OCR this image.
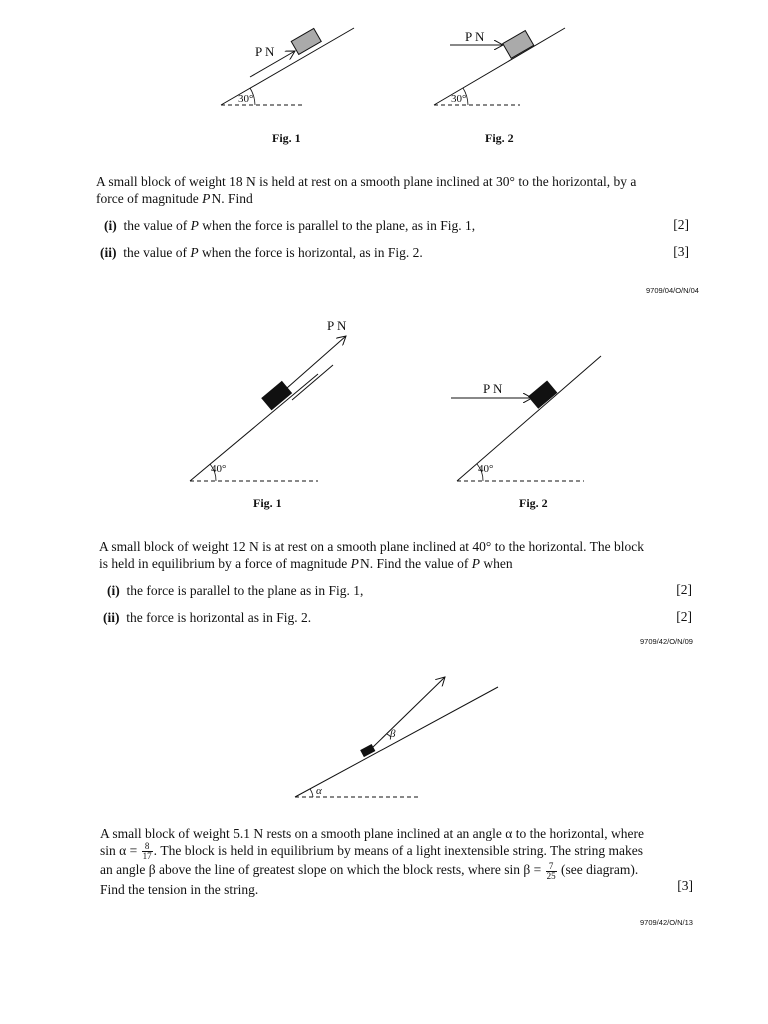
P N
30°
Fig. 1
P N
30°
Fig. 2
A small block of weight 18 N is held at rest on a smooth plane inclined at 30° to the horizontal, by a
force of magnitude P N. Find
(i) the value of P when the force is parallel to the plane, as in Fig. 1,	[2]
(ii) the value of P when the force is horizontal, as in Fig. 2.	[3]
9709/04/O/N/04
P N
40°
Fig. 1
P N
40°
Fig. 2
A small block of weight 12 N is at rest on a smooth plane inclined at 40° to the horizontal. The block
is held in equilibrium by a force of magnitude P N. Find the value of P when
(i) the force is parallel to the plane as in Fig. 1,	[2]
(ii) the force is horizontal as in Fig. 2.	[2]
9709/42/O/N/09
β
α
A small block of weight 5.1 N rests on a smooth plane inclined at an angle α to the horizontal, where
$\sin \alpha = \frac{8}{17}$ . The block is held in equilibrium by means of a light inextensible string. The string makes
an angle β above the line of greatest slope on which the block rests, where $\sin \beta = \frac{7}{25} (see$ diagram).
Find the tension in the string.	[3]
9709/42/O/N/13
